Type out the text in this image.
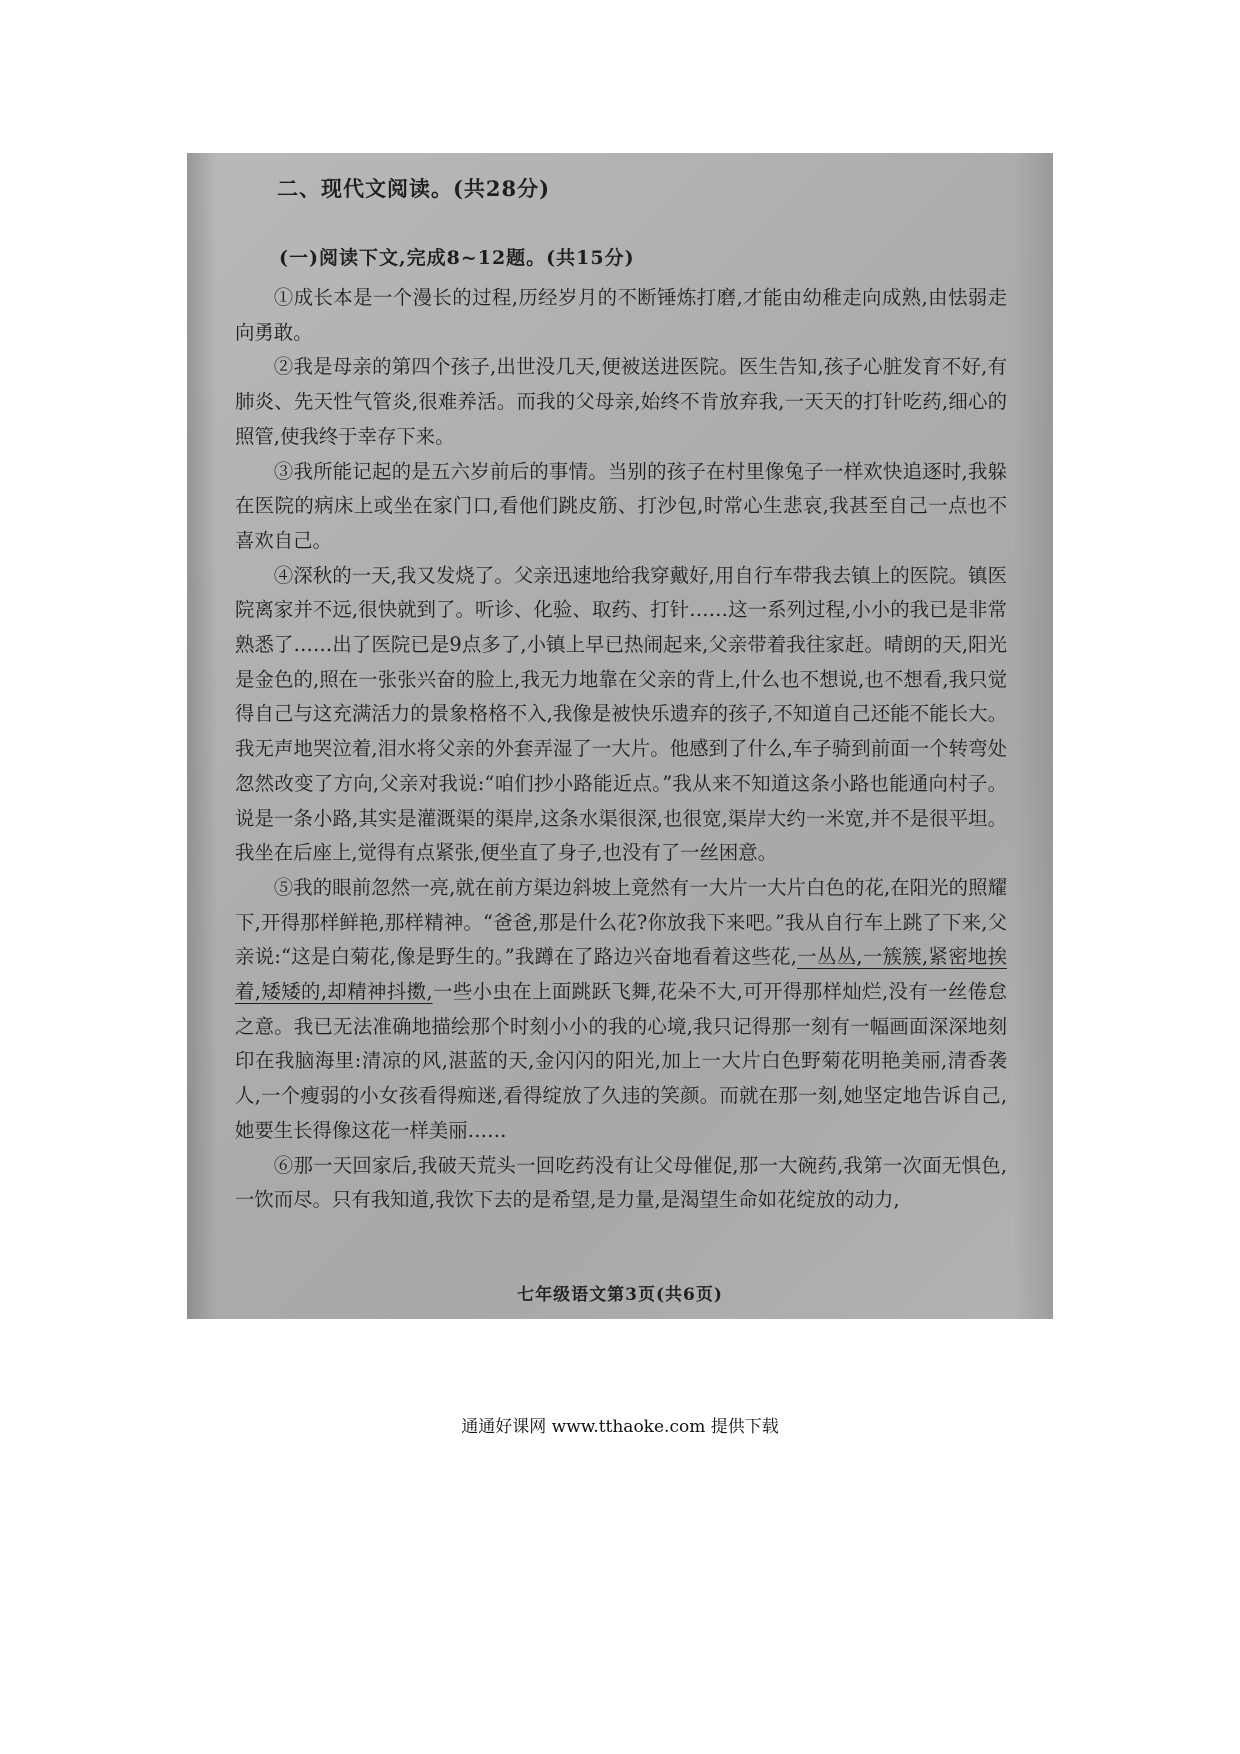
二、现代文阅读。(共28分)
(一)阅读下文,完成8~12题。(共15分)

①成长本是一个漫长的过程,历经岁月的不断锤炼打磨,才能由幼稚走向成熟,由怯弱走向勇敢。

②我是母亲的第四个孩子,出世没几天,便被送进医院。医生告知,孩子心脏发育不好,有肺炎、先天性气管炎,很难养活。而我的父母亲,始终不肯放弃我,一天天的打针吃药,细心的照管,使我终于幸存下来。

③我所能记起的是五六岁前后的事情。当别的孩子在村里像兔子一样欢快追逐时,我躲在医院的病床上或坐在家门口,看他们跳皮筋、打沙包,时常心生悲哀,我甚至自己一点也不喜欢自己。

④深秋的一天,我又发烧了。父亲迅速地给我穿戴好,用自行车带我去镇上的医院。镇医院离家并不远,很快就到了。听诊、化验、取药、打针……这一系列过程,小小的我已是非常熟悉了……出了医院已是9点多了,小镇上早已热闹起来,父亲带着我往家赶。晴朗的天,阳光是金色的,照在一张张兴奋的脸上,我无力地靠在父亲的背上,什么也不想说,也不想看,我只觉得自己与这充满活力的景象格格不入,我像是被快乐遗弃的孩子,不知道自己还能不能长大。我无声地哭泣着,泪水将父亲的外套弄湿了一大片。他感到了什么,车子骑到前面一个转弯处忽然改变了方向,父亲对我说:“咱们抄小路能近点。”我从来不知道这条小路也能通向村子。说是一条小路,其实是灌溉渠的渠岸,这条水渠很深,也很宽,渠岸大约一米宽,并不是很平坦。我坐在后座上,觉得有点紧张,便坐直了身子,也没有了一丝困意。

⑤我的眼前忽然一亮,就在前方渠边斜坡上竟然有一大片一大片白色的花,在阳光的照耀下,开得那样鲜艳,那样精神。“爸爸,那是什么花?你放我下来吧。”我从自行车上跳了下来,父亲说:“这是白菊花,像是野生的。”我蹲在了路边兴奋地看着这些花,一丛丛,一簇簇,紧密地挨着,矮矮的,却精神抖擞,一些小虫在上面跳跃飞舞,花朵不大,可开得那样灿烂,没有一丝倦怠之意。我已无法准确地描绘那个时刻小小的我的心境,我只记得那一刻有一幅画面深深地刻印在我脑海里:清凉的风,湛蓝的天,金闪闪的阳光,加上一大片白色野菊花明艳美丽,清香袭人,一个瘦弱的小女孩看得痴迷,看得绽放了久违的笑颜。而就在那一刻,她坚定地告诉自己,她要生长得像这花一样美丽……

⑥那一天回家后,我破天荒头一回吃药没有让父母催促,那一大碗药,我第一次面无惧色,一饮而尽。只有我知道,我饮下去的是希望,是力量,是渴望生命如花绽放的动力,

七年级语文第3页(共6页)
通通好课网 www.tthaoke.com 提供下载
